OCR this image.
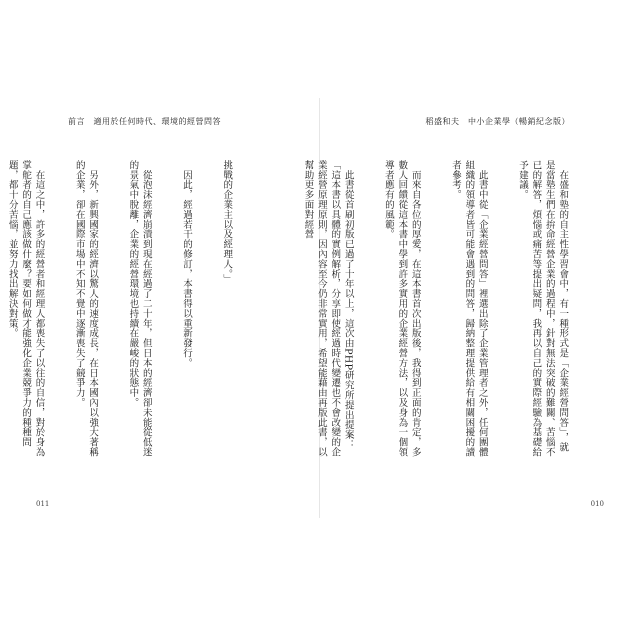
前言　適用於任何時代、環境的經營問答

挑戰的企業主以及經理人。」

　因此，經過若干的修訂，本書得以重新發行。

　從泡沫經濟崩潰到現在經過了二十年，但日本的經濟卻未能從低迷的景氣中脫離，企業的經營環境也持續在嚴峻的狀態中。

　另外，新興國家的經濟以驚人的速度成長，在日本國內以強大著稱的企業，卻在國際市場中不知不覺中逐漸喪失了競爭力。

　在這之中，許多的經營者和經理人都喪失了以往的自信，對於身為掌舵者的自己應該做什麼？要如何做才能強化企業競爭力的種種問題，都十分苦惱，並努力找出解決對策。

011
稻盛和夫　中小企業學（暢銷紀念版）

　在盛和塾的自主性學習會中，有一種形式是「企業經營問答」，就是當塾生們在拚命經營企業的過程中，針對無法突破的難關、苦惱不已的解答，煩惱或痛苦等提出疑問，我再以自己的實際經驗為基礎給予建議。

　此書中從「企業經營問答」裡選出除了企業管理者之外，任何團體組織的領導者皆可能會遇到的問答，歸納整理提供給有相關困擾的讀者參考。

　而來自各位的厚愛，在這本書首次出版後，我得到正面的肯定，多數人回饋從這本書中學到許多實用的企業經營方法，以及身為一個領導者應有的風範。

　此書從首刷初版已過了十年以上，這次由PHP研究所提出提案：「這本書以具體的實例解析，分享即使經過時代變遷也不會改變的企業經營原理原則，因內容至今仍非常實用，希望能藉由再版此書，以幫助更多面對經營

010
